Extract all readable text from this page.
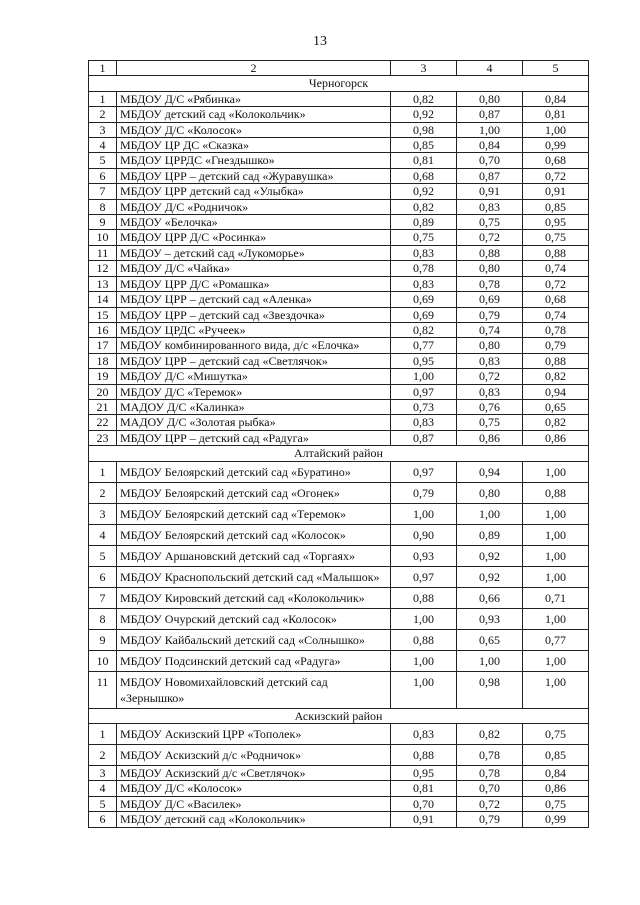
13
1	2	3	4	5
Черногорск				
1	МБДОУ Д/С «Рябинка»	0,82	0,80	0,84
2	МБДОУ детский сад «Колокольчик»	0,92	0,87	0,81
3	МБДОУ Д/С «Колосок»	0,98	1,00	1,00
4	МБДОУ ЦР ДС «Сказка»	0,85	0,84	0,99
5	МБДОУ ЦРРДС «Гнездышко»	0,81	0,70	0,68
6	МБДОУ ЦРР – детский сад «Журавушка»	0,68	0,87	0,72
7	МБДОУ ЦРР детский сад «Улыбка»	0,92	0,91	0,91
8	МБДОУ Д/С «Родничок»	0,82	0,83	0,85
9	МБДОУ «Белочка»	0,89	0,75	0,95
10	МБДОУ ЦРР Д/С «Росинка»	0,75	0,72	0,75
11	МБДОУ – детский сад «Лукоморье»	0,83	0,88	0,88
12	МБДОУ Д/С «Чайка»	0,78	0,80	0,74
13	МБДОУ ЦРР Д/С «Ромашка»	0,83	0,78	0,72
14	МБДОУ ЦРР – детский сад «Аленка»	0,69	0,69	0,68
15	МБДОУ ЦРР – детский сад «Звездочка»	0,69	0,79	0,74
16	МБДОУ ЦРДС «Ручеек»	0,82	0,74	0,78
17	МБДОУ комбинированного вида, д/с «Елочка»	0,77	0,80	0,79
18	МБДОУ ЦРР – детский сад «Светлячок»	0,95	0,83	0,88
19	МБДОУ Д/С «Мишутка»	1,00	0,72	0,82
20	МБДОУ Д/С «Теремок»	0,97	0,83	0,94
21	МАДОУ Д/С «Калинка»	0,73	0,76	0,65
22	МАДОУ Д/С «Золотая рыбка»	0,83	0,75	0,82
23	МБДОУ ЦРР – детский сад «Радуга»	0,87	0,86	0,86
Алтайский район				
1	МБДОУ Белоярский детский сад «Буратино»	0,97	0,94	1,00
2	МБДОУ Белоярский детский сад «Огонек»	0,79	0,80	0,88
3	МБДОУ Белоярский детский сад «Теремок»	1,00	1,00	1,00
4	МБДОУ Белоярский детский сад «Колосок»	0,90	0,89	1,00
5	МБДОУ Аршановский детский сад «Торгаях»	0,93	0,92	1,00
6	МБДОУ Краснопольский детский сад «Малышок»	0,97	0,92	1,00
7	МБДОУ Кировский детский сад «Колокольчик»	0,88	0,66	0,71
8	МБДОУ Очурский детский сад «Колосок»	1,00	0,93	1,00
9	МБДОУ Кайбальский детский сад «Солнышко»	0,88	0,65	0,77
10	МБДОУ Подсинский детский сад «Радуга»	1,00	1,00	1,00
11	МБДОУ Новомихайловский детский сад «Зернышко»	1,00	0,98	1,00
Аскизский район				
1	МБДОУ Аскизский ЦРР «Тополек»	0,83	0,82	0,75
2	МБДОУ Аскизский д/с «Родничок»	0,88	0,78	0,85
3	МБДОУ Аскизский д/с «Светлячок»	0,95	0,78	0,84
4	МБДОУ Д/С «Колосок»	0,81	0,70	0,86
5	МБДОУ Д/С «Василек»	0,70	0,72	0,75
6	МБДОУ детский сад «Колокольчик»	0,91	0,79	0,99
